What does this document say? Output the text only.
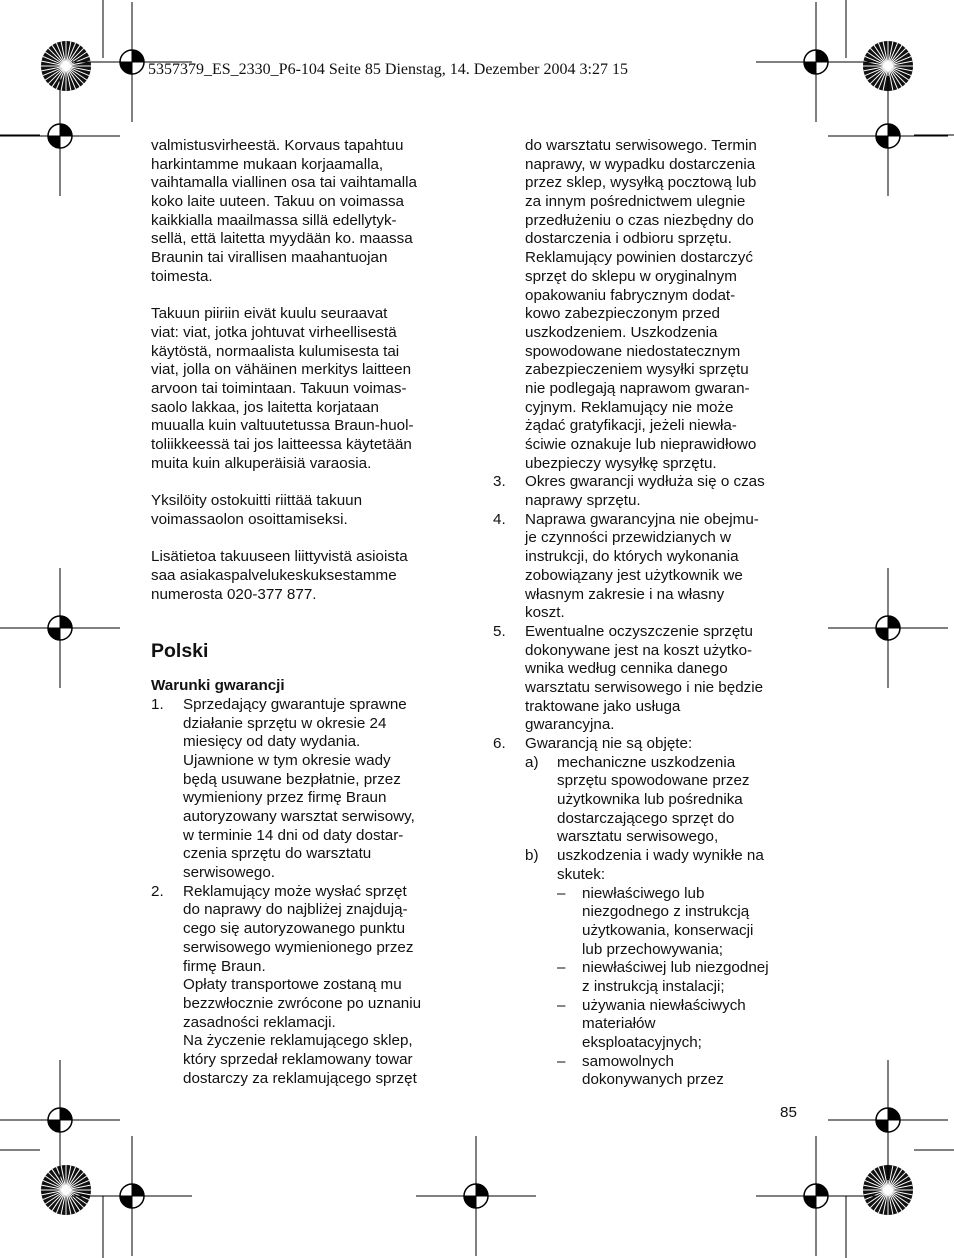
5357379_ES_2330_P6-104 Seite 85 Dienstag, 14. Dezember 2004 3:27 15
valmistusvirheestä. Korvaus tapahtuu
harkintamme mukaan korjaamalla,
vaihtamalla viallinen osa tai vaihtamalla
koko laite uuteen. Takuu on voimassa
kaikkialla maailmassa sillä edellytyk-
sellä, että laitetta myydään ko. maassa
Braunin tai virallisen maahantuojan
toimesta.
Takuun piiriin eivät kuulu seuraavat
viat: viat, jotka johtuvat virheellisestä
käytöstä, normaalista kulumisesta tai
viat, jolla on vähäinen merkitys laitteen
arvoon tai toimintaan. Takuun voimas-
saolo lakkaa, jos laitetta korjataan
muualla kuin valtuutetussa Braun-huol-
toliikkeessä tai jos laitteessa käytetään
muita kuin alkuperäisiä varaosia.
Yksilöity ostokuitti riittää takuun
voimassaolon osoittamiseksi.
Lisätietoa takuuseen liittyvistä asioista
saa asiakaspalvelukeskuksestamme
numerosta 020-377 877.
Polski
Warunki gwarancji
1. Sprzedający gwarantuje sprawne
działanie sprzętu w okresie 24
miesięcy od daty wydania.
Ujawnione w tym okresie wady
będą usuwane bezpłatnie, przez
wymieniony przez firmę Braun
autoryzowany warsztat serwisowy,
w terminie 14 dni od daty dostar-
czenia sprzętu do warsztatu
serwisowego.
2. Reklamujący może wysłać sprzęt
do naprawy do najbliżej znajdują-
cego się autoryzowanego punktu
serwisowego wymienionego przez
firmę Braun.
Opłaty transportowe zostaną mu
bezzwłocznie zwrócone po uznaniu
zasadności reklamacji.
Na życzenie reklamującego sklep,
który sprzedał reklamowany towar
dostarczy za reklamującego sprzęt
do warsztatu serwisowego. Termin
naprawy, w wypadku dostarczenia
przez sklep, wysyłką pocztową lub
za innym pośrednictwem ulegnie
przedłużeniu o czas niezbędny do
dostarczenia i odbioru sprzętu.
Reklamujący powinien dostarczyć
sprzęt do sklepu w oryginalnym
opakowaniu fabrycznym dodat-
kowo zabezpieczonym przed
uszkodzeniem. Uszkodzenia
spowodowane niedostatecznym
zabezpieczeniem wysyłki sprzętu
nie podlegają naprawom gwaran-
cyjnym. Reklamujący nie może
żądać gratyfikacji, jeżeli niewła-
ściwie oznakuje lub nieprawidłowo
ubezpieczy wysyłkę sprzętu.
3. Okres gwarancji wydłuża się o czas
naprawy sprzętu.
4. Naprawa gwarancyjna nie obejmu-
je czynności przewidzianych w
instrukcji, do których wykonania
zobowiązany jest użytkownik we
własnym zakresie i na własny
koszt.
5. Ewentualne oczyszczenie sprzętu
dokonywane jest na koszt użytko-
wnika według cennika danego
warsztatu serwisowego i nie będzie
traktowane jako usługa
gwarancyjna.
6. Gwarancją nie są objęte:
a) mechaniczne uszkodzenia
sprzętu spowodowane przez
użytkownika lub pośrednika
dostarczającego sprzęt do
warsztatu serwisowego,
b) uszkodzenia i wady wynikłe na
skutek:
– niewłaściwego lub
niezgodnego z instrukcją
użytkowania, konserwacji
lub przechowywania;
– niewłaściwej lub niezgodnej
z instrukcją instalacji;
– używania niewłaściwych
materiałów
eksploatacyjnych;
– samowolnych
dokonywanych przez
85
